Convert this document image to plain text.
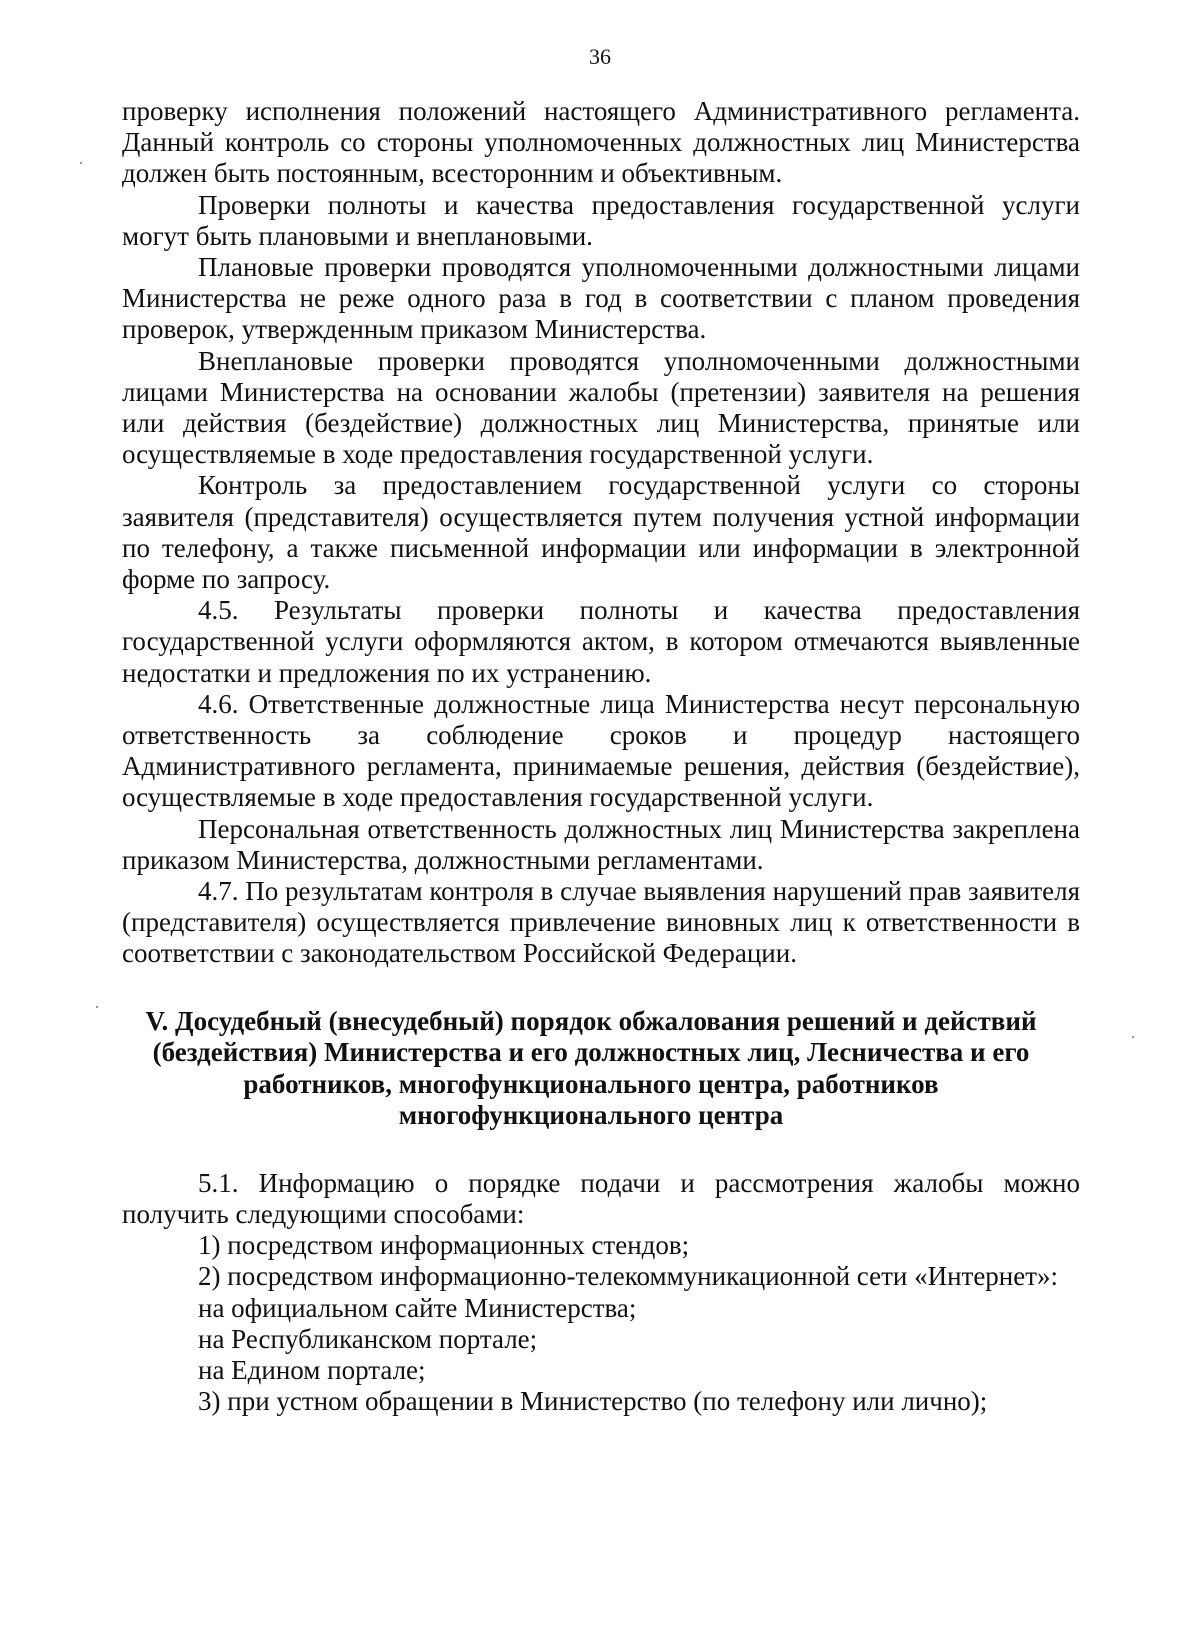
36

проверку исполнения положений настоящего Административного регламента. Данный контроль со стороны уполномоченных должностных лиц Министерства должен быть постоянным, всесторонним и объективным.

Проверки полноты и качества предоставления государственной услуги могут быть плановыми и внеплановыми.

Плановые проверки проводятся уполномоченными должностными лицами Министерства не реже одного раза в год в соответствии с планом проведения проверок, утвержденным приказом Министерства.

Внеплановые проверки проводятся уполномоченными должностными лицами Министерства на основании жалобы (претензии) заявителя на решения или действия (бездействие) должностных лиц Министерства, принятые или осуществляемые в ходе предоставления государственной услуги.

Контроль за предоставлением государственной услуги со стороны заявителя (представителя) осуществляется путем получения устной информации по телефону, а также письменной информации или информации в электронной форме по запросу.

4.5. Результаты проверки полноты и качества предоставления государственной услуги оформляются актом, в котором отмечаются выявленные недостатки и предложения по их устранению.

4.6. Ответственные должностные лица Министерства несут персональную ответственность за соблюдение сроков и процедур настоящего Административного регламента, принимаемые решения, действия (бездействие), осуществляемые в ходе предоставления государственной услуги.

Персональная ответственность должностных лиц Министерства закреплена приказом Министерства, должностными регламентами.

4.7. По результатам контроля в случае выявления нарушений прав заявителя (представителя) осуществляется привлечение виновных лиц к ответственности в соответствии с законодательством Российской Федерации.

V. Досудебный (внесудебный) порядок обжалования решений и действий (бездействия) Министерства и его должностных лиц, Лесничества и его работников, многофункционального центра, работников многофункционального центра

5.1. Информацию о порядке подачи и рассмотрения жалобы можно получить следующими способами:

1) посредством информационных стендов;
2) посредством информационно-телекоммуникационной сети «Интернет»:
на официальном сайте Министерства;
на Республиканском портале;
на Едином портале;
3) при устном обращении в Министерство (по телефону или лично);
